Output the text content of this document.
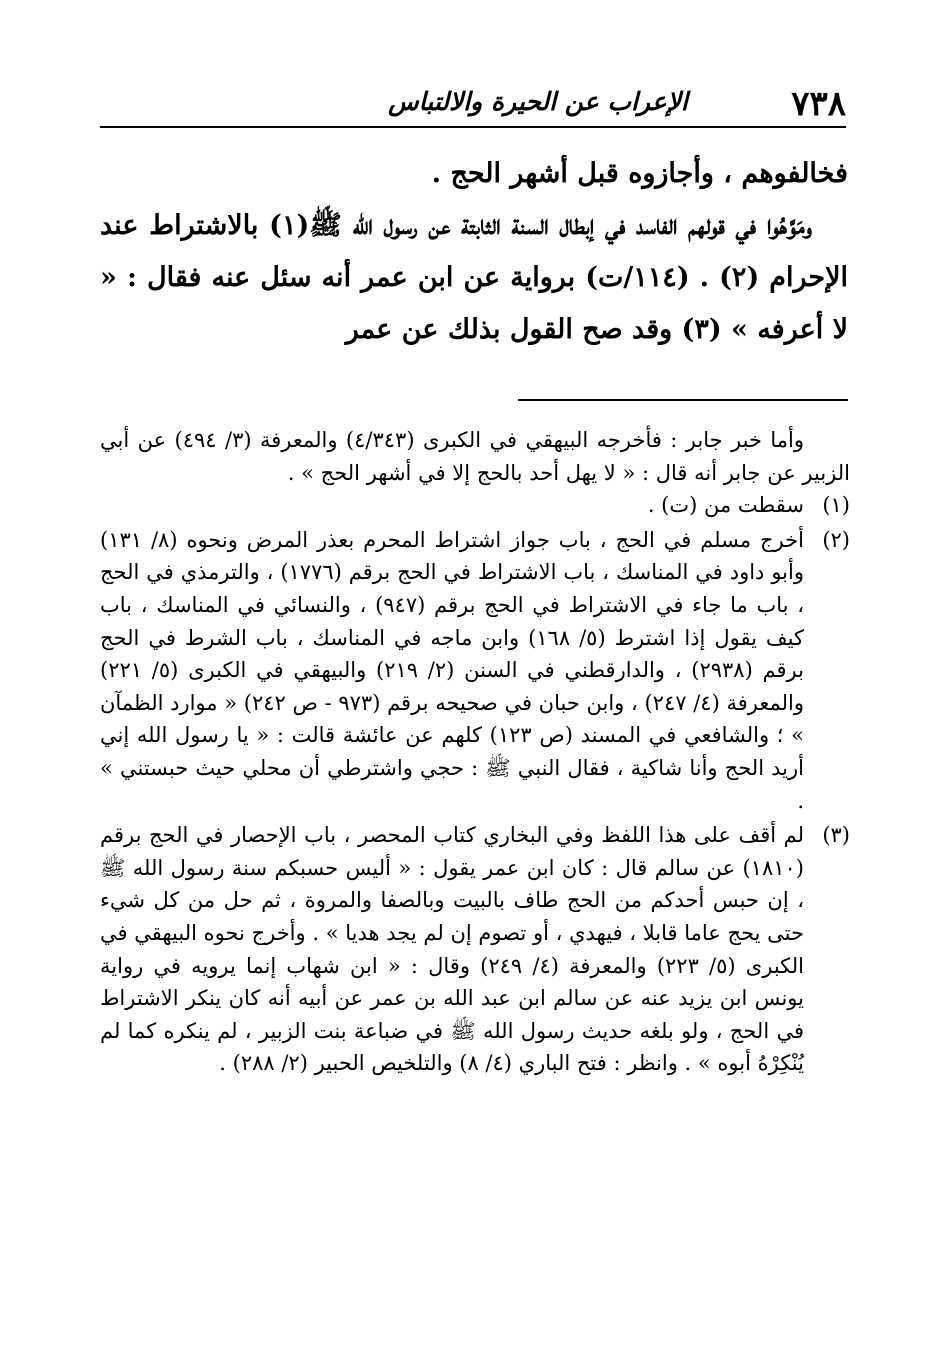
٧٣٨
الإعراب عن الحيرة والالتباس

فخالفوهم ، وأجازوه قبل أشهر الحج .

ومَوَّهُوا في قولهم الفاسد في إبطال السنة الثابتة عن رسول الله ﷺ(١) بالاشتراط عند الإحرام (٢) . (١١٤/ت) برواية عن ابن عمر أنه سئل عنه فقال : « لا أعرفه » (٣) وقد صح القول بذلك عن عمر

وأما خبر جابر : فأخرجه البيهقي في الكبرى (٤/٣٤٣) والمعرفة (٣/ ٤٩٤) عن أبي الزبير عن جابر أنه قال : « لا يهل أحد بالحج إلا في أشهر الحج » .

(١)
سقطت من (ت) .
(٢)
أخرج مسلم في الحج ، باب جواز اشتراط المحرم بعذر المرض ونحوه (٨/ ١٣١) وأبو داود في المناسك ، باب الاشتراط في الحج برقم (١٧٧٦) ، والترمذي في الحج ، باب ما جاء في الاشتراط في الحج برقم (٩٤٧) ، والنسائي في المناسك ، باب كيف يقول إذا اشترط (٥/ ١٦٨) وابن ماجه في المناسك ، باب الشرط في الحج برقم (٢٩٣٨) ، والدارقطني في السنن (٢/ ٢١٩) والبيهقي في الكبرى (٥/ ٢٢١) والمعرفة (٤/ ٢٤٧) ، وابن حبان في صحيحه برقم (٩٧٣ - ص ٢٤٢) « موارد الظمآن » ؛ والشافعي في المسند (ص ١٢٣) كلهم عن عائشة قالت : « يا رسول الله إني أريد الحج وأنا شاكية ، فقال النبي ﷺ : حجي واشترطي أن محلي حيث حبستني » .
(٣)
لم أقف على هذا اللفظ وفي البخاري كتاب المحصر ، باب الإحصار في الحج برقم (١٨١٠) عن سالم قال : كان ابن عمر يقول : « أليس حسبكم سنة رسول الله ﷺ ، إن حبس أحدكم من الحج طاف بالبيت وبالصفا والمروة ، ثم حل من كل شيء حتى يحج عاما قابلا ، فيهدي ، أو تصوم إن لم يجد هديا » . وأخرج نحوه البيهقي في الكبرى (٥/ ٢٢٣) والمعرفة (٤/ ٢٤٩) وقال : « ابن شهاب إنما يرويه في رواية يونس ابن يزيد عنه عن سالم ابن عبد الله بن عمر عن أبيه أنه كان ينكر الاشتراط في الحج ، ولو بلغه حديث رسول الله ﷺ في ضباعة بنت الزبير ، لم ينكره كما لم يُنْكِرْهُ أبوه » . وانظر : فتح الباري (٤/ ٨) والتلخيص الحبير (٢/ ٢٨٨) .
